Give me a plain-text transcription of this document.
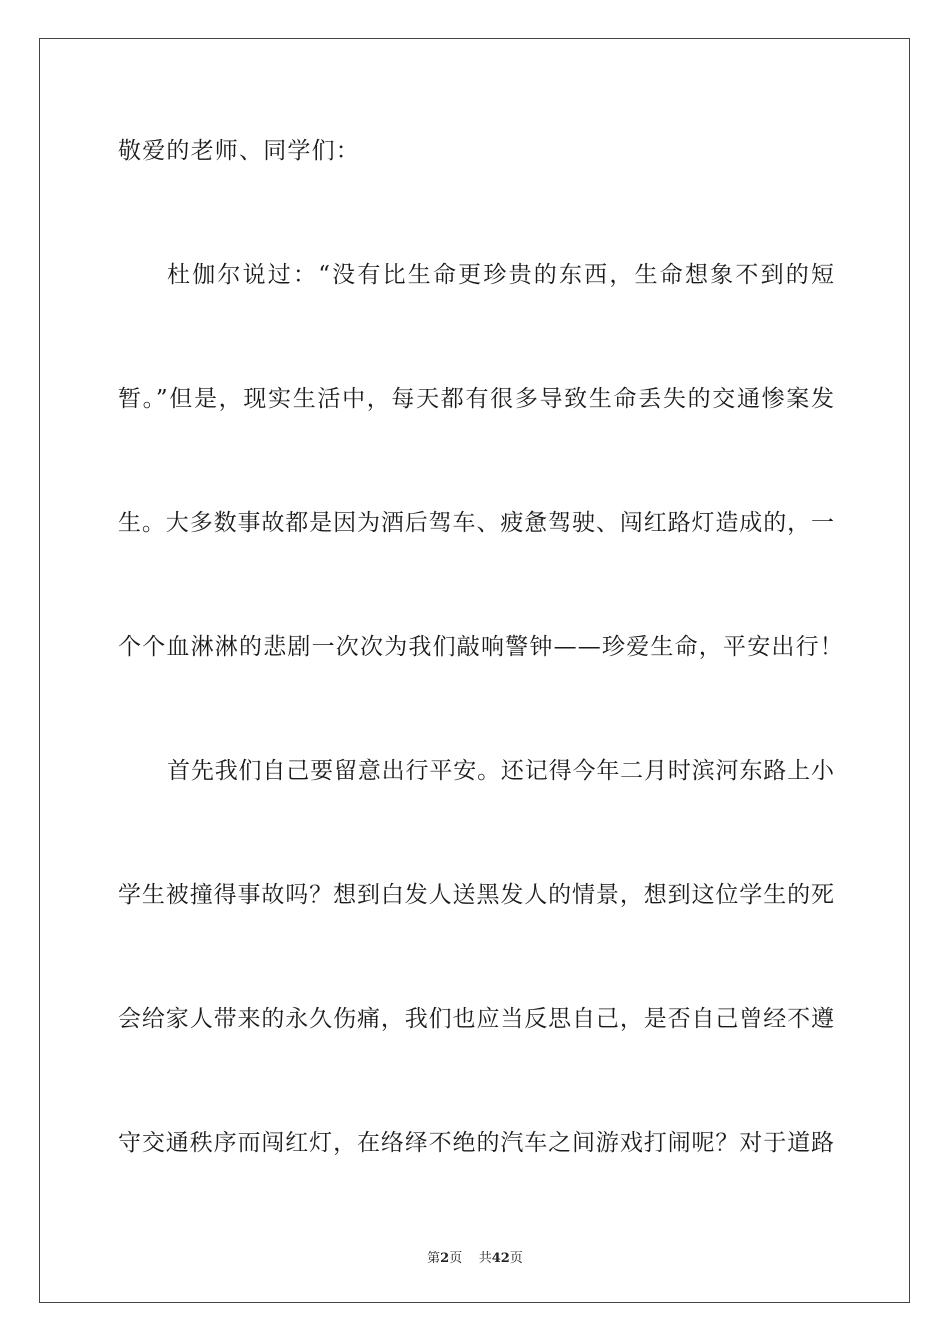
敬爱的老师、同学们：
杜伽尔说过：“没有比生命更珍贵的东西，生命想象不到的短
暂。”但是，现实生活中，每天都有很多导致生命丢失的交通惨案发
生。大多数事故都是因为酒后驾车、疲惫驾驶、闯红路灯造成的，一
个个血淋淋的悲剧一次次为我们敲响警钟——珍爱生命，平安出行！
首先我们自己要留意出行平安。还记得今年二月时滨河东路上小
学生被撞得事故吗？想到白发人送黑发人的情景，想到这位学生的死
会给家人带来的永久伤痛，我们也应当反思自己，是否自己曾经不遵
守交通秩序而闯红灯，在络绎不绝的汽车之间游戏打闹呢？对于道路
第2页 共42页
